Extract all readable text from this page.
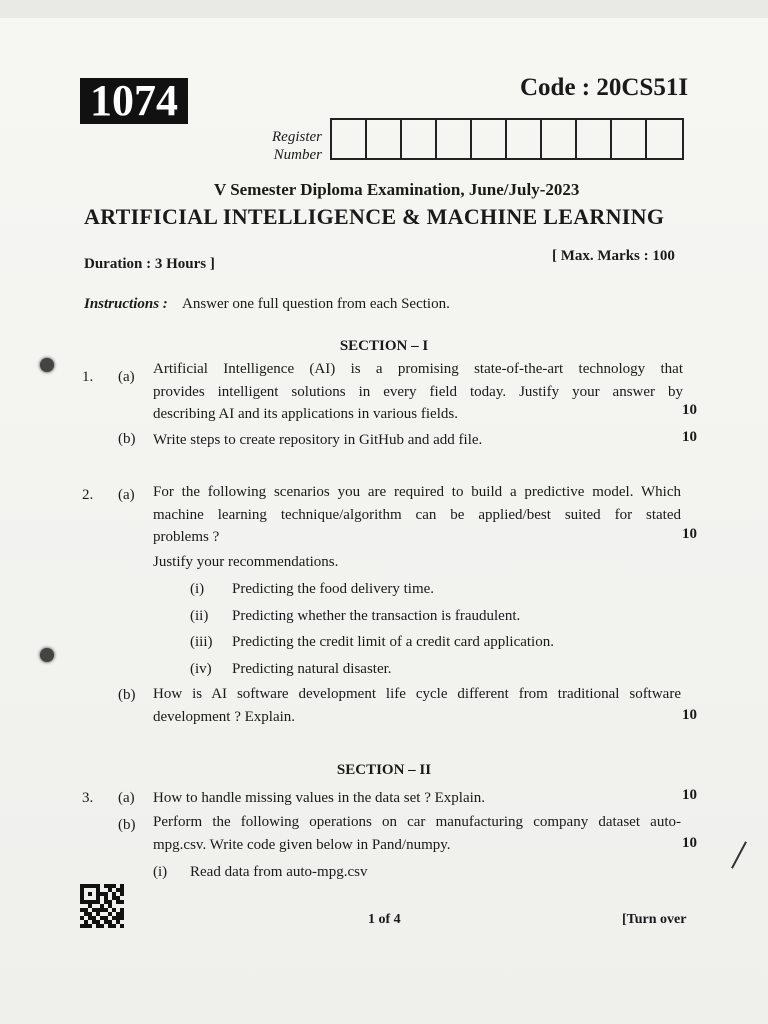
1074	Code : 20CS51I
Register
Number
V Semester Diploma Examination, June/July-2023
ARTIFICIAL INTELLIGENCE & MACHINE LEARNING
Duration : 3 Hours ]	[ Max. Marks : 100
Instructions : Answer one full question from each Section.
SECTION – I
1. (a) Artificial Intelligence (AI) is a promising state-of-the-art technology that
provides intelligent solutions in every field today. Justify your answer by
describing AI and its applications in various fields.	10
(b) Write steps to create repository in GitHub and add file.	10
2. (a) For the following scenarios you are required to build a predictive model. Which
machine learning technique/algorithm can be applied/best suited for stated
problems ?
Justify your recommendations.
10
(i) Predicting the food delivery time.
(ii) Predicting whether the transaction is fraudulent.
(iii) Predicting the credit limit of a credit card application.
(iv) Predicting natural disaster.
(b) How is AI software development life cycle different from traditional software
development ? Explain.	10
SECTION – II
3. (a) How to handle missing values in the data set ? Explain.	10
(b) Perform the following operations on car manufacturing company dataset auto-
mpg.csv. Write code given below in Pand/numpy.	10
(i) Read data from auto-mpg.csv
1 of 4	[Turn over
